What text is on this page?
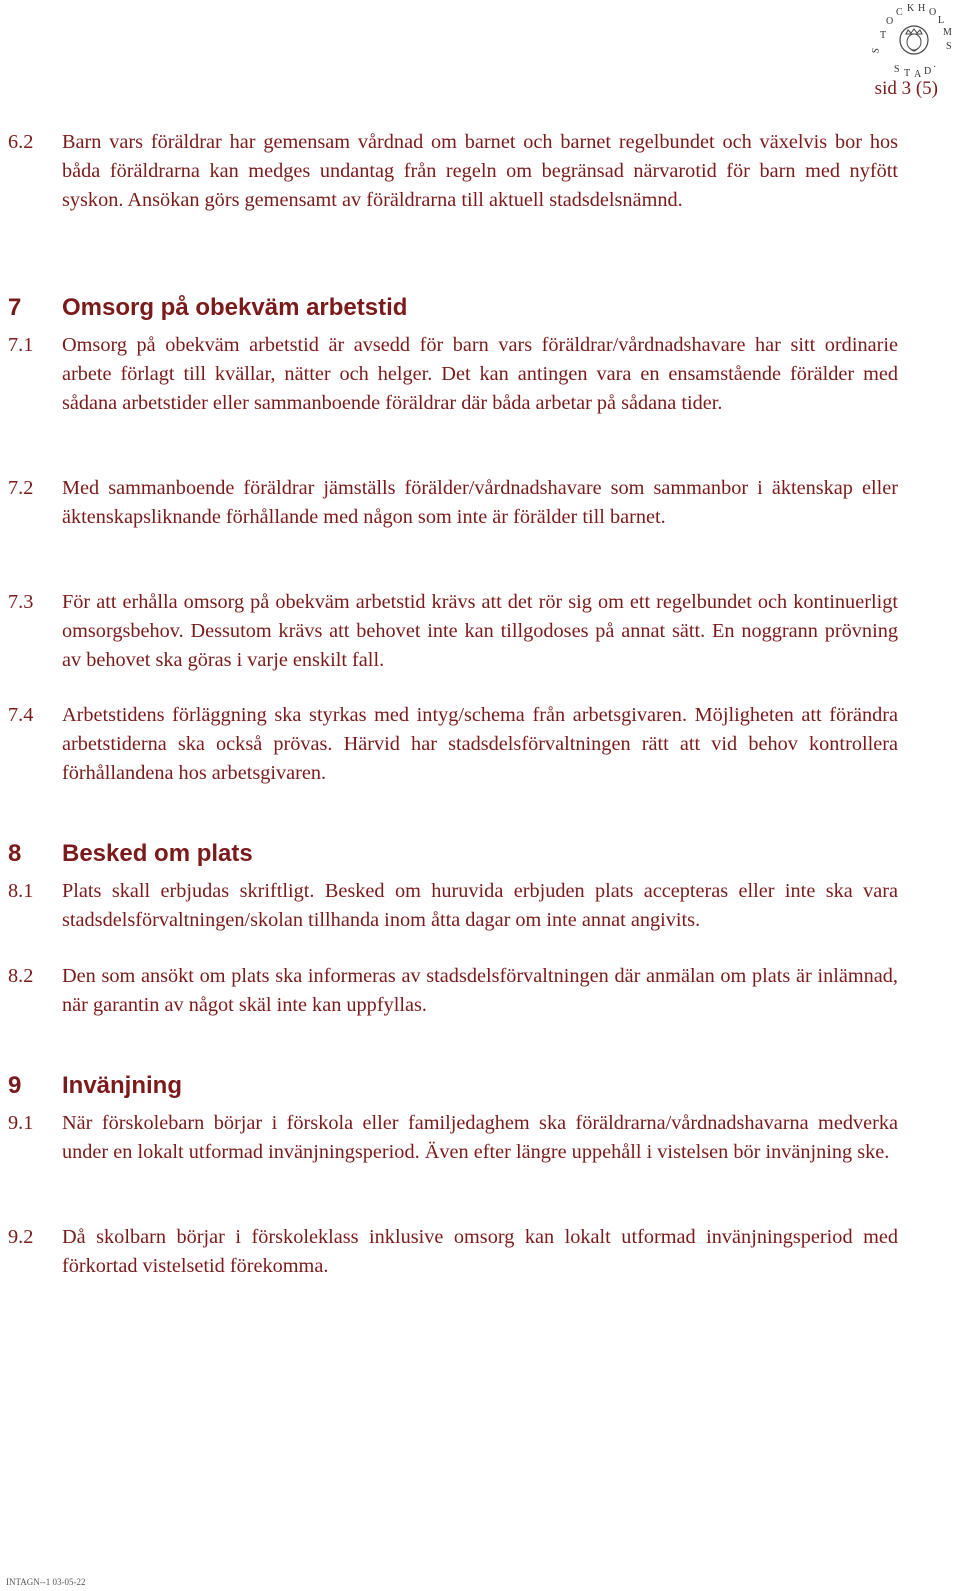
S
T
O
C K H O
L
M
S
S T A D ·
sid 3 (5)
6.2	Barn vars föräldrar har gemensam vårdnad om barnet och barnet regelbundet och växelvis bor hos båda föräldrarna kan medges undantag från regeln om begränsad närvarotid för barn med nyfött syskon. Ansökan görs gemensamt av föräldrarna till aktuell stadsdelsnämnd.
7	Omsorg på obekväm arbetstid
7.1	Omsorg på obekväm arbetstid är avsedd för barn vars föräldrar/vårdnadshavare har sitt ordinarie arbete förlagt till kvällar, nätter och helger. Det kan antingen vara en ensamstående förälder med sådana arbetstider eller sammanboende föräldrar där båda arbetar på sådana tider.
7.2	Med sammanboende föräldrar jämställs förälder/vårdnadshavare som sammanbor i äktenskap eller äktenskapsliknande förhållande med någon som inte är förälder till barnet.
7.3	För att erhålla omsorg på obekväm arbetstid krävs att det rör sig om ett regelbundet och kontinuerligt omsorgsbehov. Dessutom krävs att behovet inte kan tillgodoses på annat sätt. En noggrann prövning av behovet ska göras i varje enskilt fall.
7.4	Arbetstidens förläggning ska styrkas med intyg/schema från arbetsgivaren. Möjligheten att förändra arbetstiderna ska också prövas. Härvid har stadsdelsförvaltningen rätt att vid behov kontrollera förhållandena hos arbetsgivaren.
8	Besked om plats
8.1	Plats skall erbjudas skriftligt. Besked om huruvida erbjuden plats accepteras eller inte ska vara stadsdelsförvaltningen/skolan tillhanda inom åtta dagar om inte annat angivits.
8.2	Den som ansökt om plats ska informeras av stadsdelsförvaltningen där anmälan om plats är inlämnad, när garantin av något skäl inte kan uppfyllas.
9	Invänjning
9.1	När förskolebarn börjar i förskola eller familjedaghem ska föräldrarna/vårdnadshavarna medverka under en lokalt utformad invänjningsperiod. Även efter längre uppehåll i vistelsen bör invänjning ske.
9.2	Då skolbarn börjar i förskoleklass inklusive omsorg kan lokalt utformad invänjningsperiod med förkortad vistelsetid förekomma.
INTAGN--1 03-05-22
